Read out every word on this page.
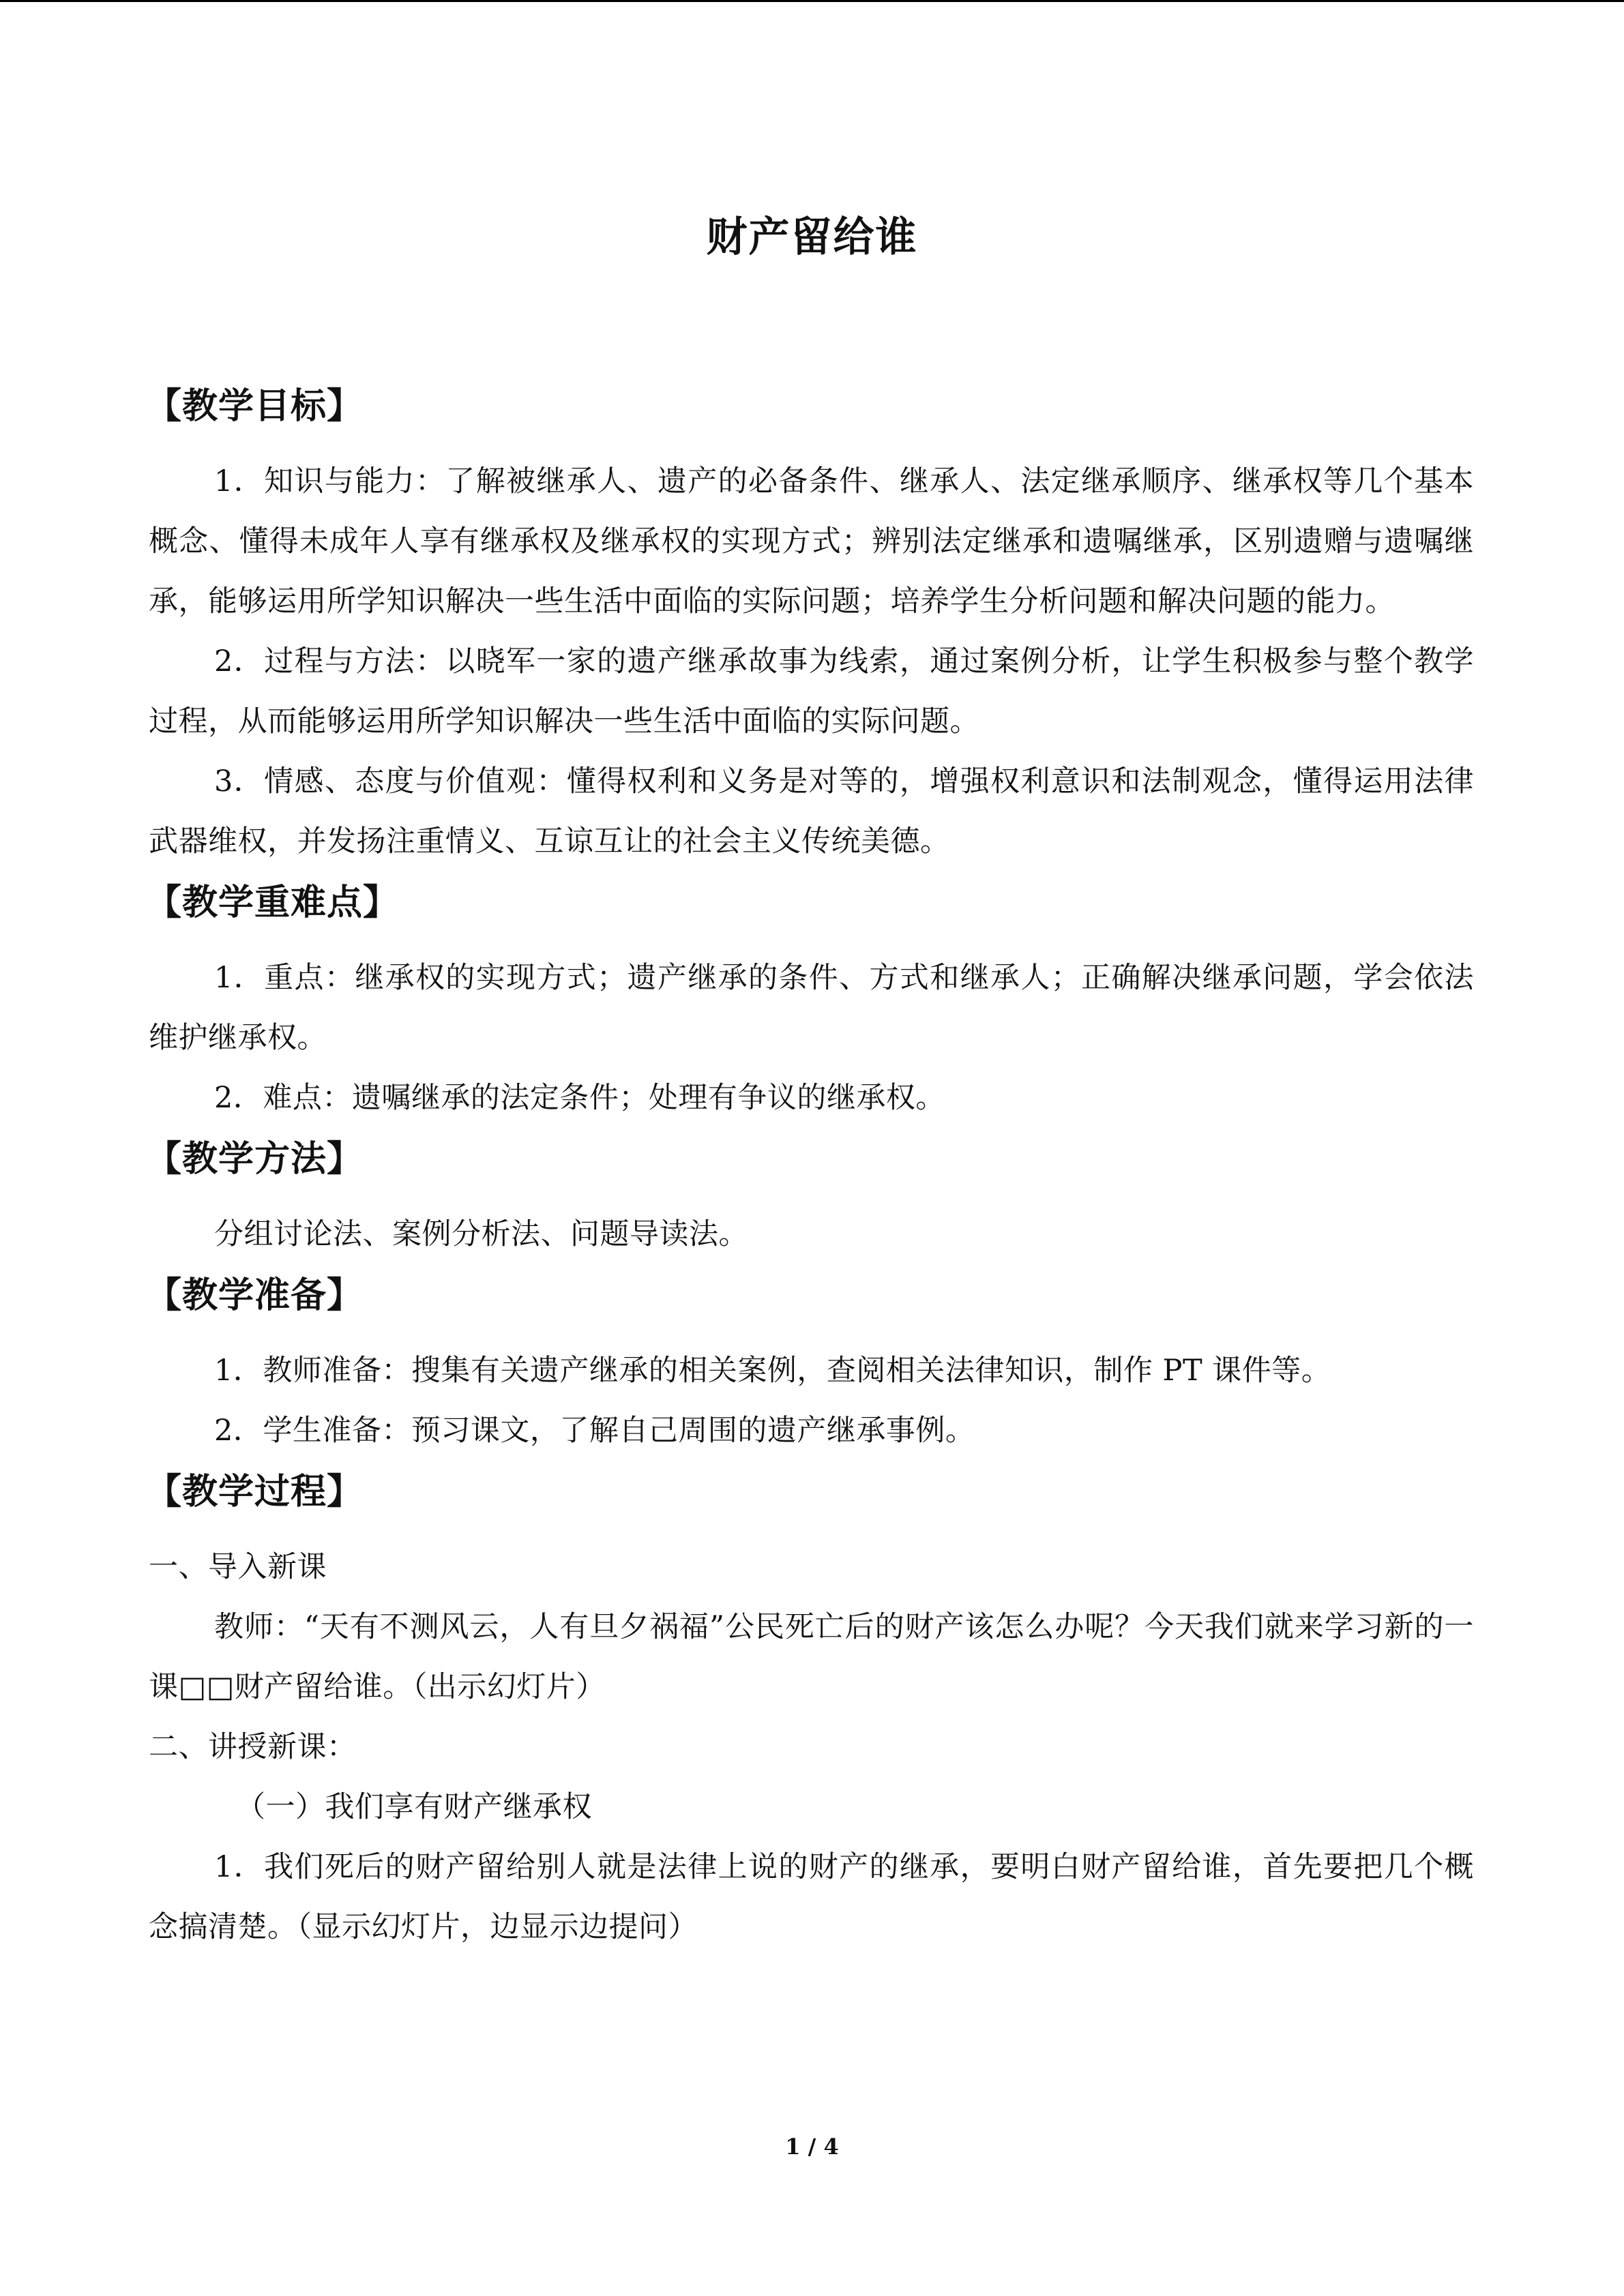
财产留给谁
【教学目标】

1．知识与能力：了解被继承人、遗产的必备条件、继承人、法定继承顺序、继承权等几个基本概念、懂得未成年人享有继承权及继承权的实现方式；辨别法定继承和遗嘱继承，区别遗赠与遗嘱继承，能够运用所学知识解决一些生活中面临的实际问题；培养学生分析问题和解决问题的能力。

2．过程与方法：以晓军一家的遗产继承故事为线索，通过案例分析，让学生积极参与整个教学过程，从而能够运用所学知识解决一些生活中面临的实际问题。

3．情感、态度与价值观：懂得权利和义务是对等的，增强权利意识和法制观念，懂得运用法律武器维权，并发扬注重情义、互谅互让的社会主义传统美德。

【教学重难点】

1．重点：继承权的实现方式；遗产继承的条件、方式和继承人；正确解决继承问题，学会依法维护继承权。

2．难点：遗嘱继承的法定条件；处理有争议的继承权。

【教学方法】

分组讨论法、案例分析法、问题导读法。

【教学准备】

1．教师准备：搜集有关遗产继承的相关案例，查阅相关法律知识，制作 PT 课件等。

2．学生准备：预习课文，了解自己周围的遗产继承事例。

【教学过程】

一、导入新课

教师：“天有不测风云，人有旦夕祸福”公民死亡后的财产该怎么办呢？今天我们就来学习新的一课□□财产留给谁。（出示幻灯片）

二、讲授新课：

（一）我们享有财产继承权

1．我们死后的财产留给别人就是法律上说的财产的继承，要明白财产留给谁，首先要把几个概念搞清楚。（显示幻灯片，边显示边提问）

1 / 4
